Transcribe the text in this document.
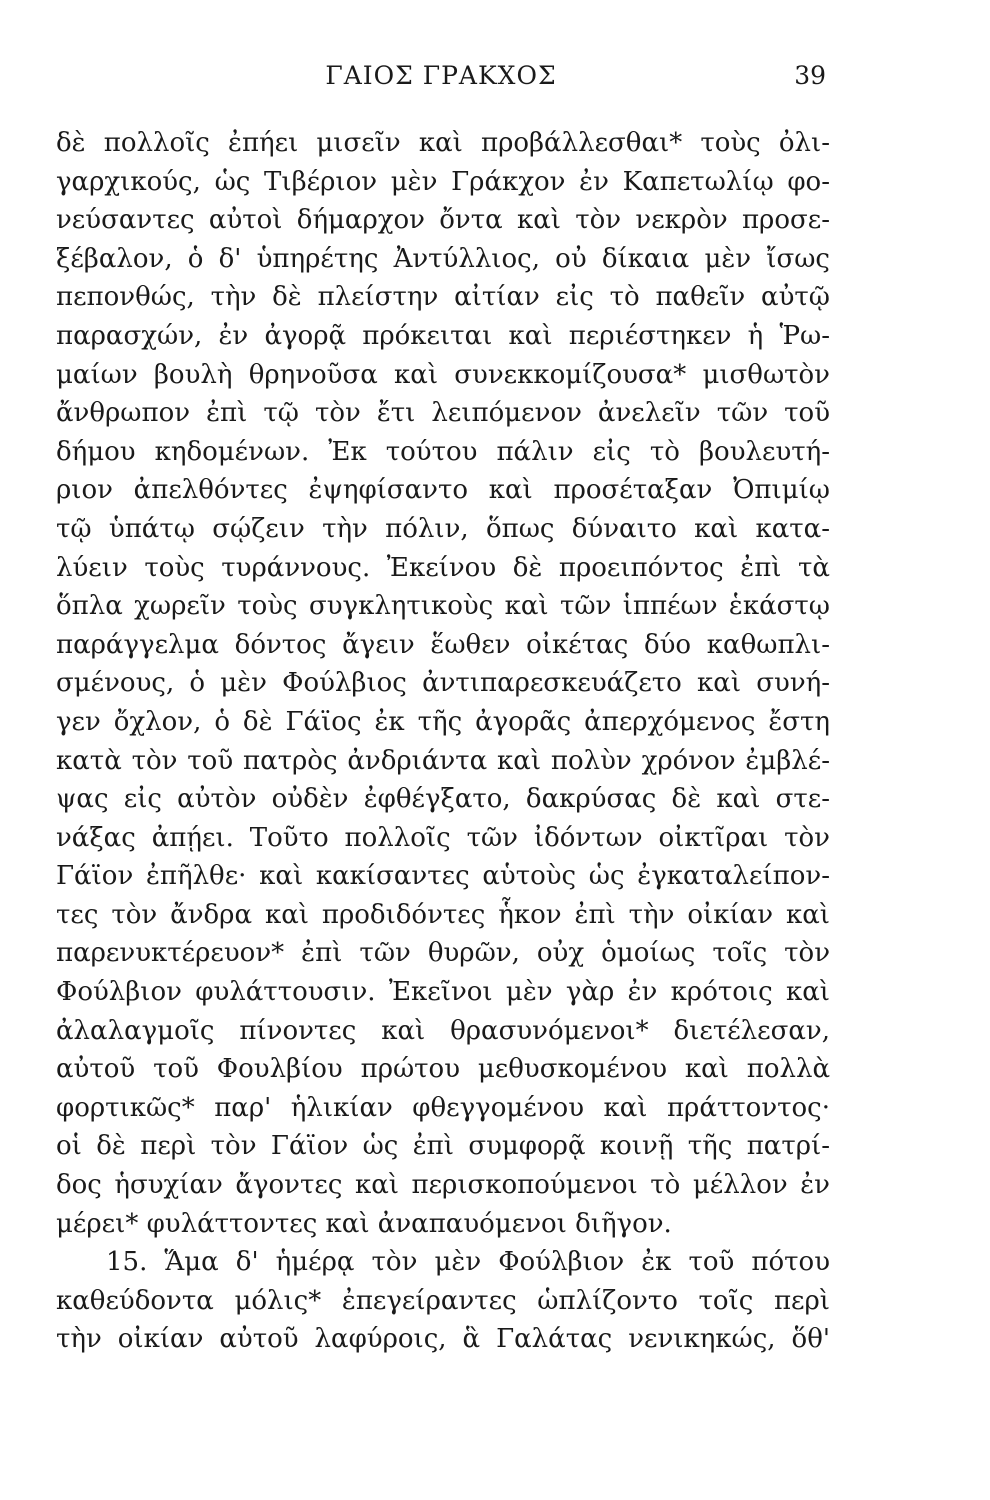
ΓΑΙΟΣ ΓΡΑΚΧΟΣ	39
δὲ πολλοῖς ἐπήει μισεῖν καὶ προβάλλεσθαι* τοὺς ὀλι-
γαρχικούς, ὡς Τιβέριον μὲν Γράκχον ἐν Καπετωλίῳ φο-
νεύσαντες αὐτοὶ δήμαρχον ὄντα καὶ τὸν νεκρὸν προσε-
ξέβαλον, ὁ δ' ὑπηρέτης Ἀντύλλιος, οὐ δίκαια μὲν ἴσως
πεπονθώς, τὴν δὲ πλείστην αἰτίαν εἰς τὸ παθεῖν αὐτῷ
παρασχών, ἐν ἀγορᾷ πρόκειται καὶ περιέστηκεν ἡ Ῥω-
μαίων βουλὴ θρηνοῦσα καὶ συνεκκομίζουσα* μισθωτὸν
ἄνθρωπον ἐπὶ τῷ τὸν ἔτι λειπόμενον ἀνελεῖν τῶν τοῦ
δήμου κηδομένων. Ἐκ τούτου πάλιν εἰς τὸ βουλευτή-
ριον ἀπελθόντες ἐψηφίσαντο καὶ προσέταξαν Ὀπιμίῳ
τῷ ὑπάτῳ σῴζειν τὴν πόλιν, ὅπως δύναιτο καὶ κατα-
λύειν τοὺς τυράννους. Ἐκείνου δὲ προειπόντος ἐπὶ τὰ
ὅπλα χωρεῖν τοὺς συγκλητικοὺς καὶ τῶν ἱππέων ἑκάστῳ
παράγγελμα δόντος ἄγειν ἕωθεν οἰκέτας δύο καθωπλι-
σμένους, ὁ μὲν Φούλβιος ἀντιπαρεσκευάζετο καὶ συνή-
γεν ὄχλον, ὁ δὲ Γάϊος ἐκ τῆς ἀγορᾶς ἀπερχόμενος ἔστη
κατὰ τὸν τοῦ πατρὸς ἀνδριάντα καὶ πολὺν χρόνον ἐμβλέ-
ψας εἰς αὐτὸν οὐδὲν ἐφθέγξατο, δακρύσας δὲ καὶ στε-
νάξας ἀπῄει. Τοῦτο πολλοῖς τῶν ἰδόντων οἰκτῖραι τὸν
Γάϊον ἐπῆλθε· καὶ κακίσαντες αὑτοὺς ὡς ἐγκαταλείπον-
τες τὸν ἄνδρα καὶ προδιδόντες ἧκον ἐπὶ τὴν οἰκίαν καὶ
παρενυκτέρευον* ἐπὶ τῶν θυρῶν, οὐχ ὁμοίως τοῖς τὸν
Φούλβιον φυλάττουσιν. Ἐκεῖνοι μὲν γὰρ ἐν κρότοις καὶ
ἀλαλαγμοῖς πίνοντες καὶ θρασυνόμενοι* διετέλεσαν,
αὐτοῦ τοῦ Φουλβίου πρώτου μεθυσκομένου καὶ πολλὰ
φορτικῶς* παρ' ἡλικίαν φθεγγομένου καὶ πράττοντος·
οἱ δὲ περὶ τὸν Γάϊον ὡς ἐπὶ συμφορᾷ κοινῇ τῆς πατρί-
δος ἡσυχίαν ἄγοντες καὶ περισκοπούμενοι τὸ μέλλον ἐν
μέρει* φυλάττοντες καὶ ἀναπαυόμενοι διῆγον.
15. Ἅμα δ' ἡμέρᾳ τὸν μὲν Φούλβιον ἐκ τοῦ πότου
καθεύδοντα μόλις* ἐπεγείραντες ὡπλίζοντο τοῖς περὶ
τὴν οἰκίαν αὐτοῦ λαφύροις, ἃ Γαλάτας νενικηκώς, ὅθ'
